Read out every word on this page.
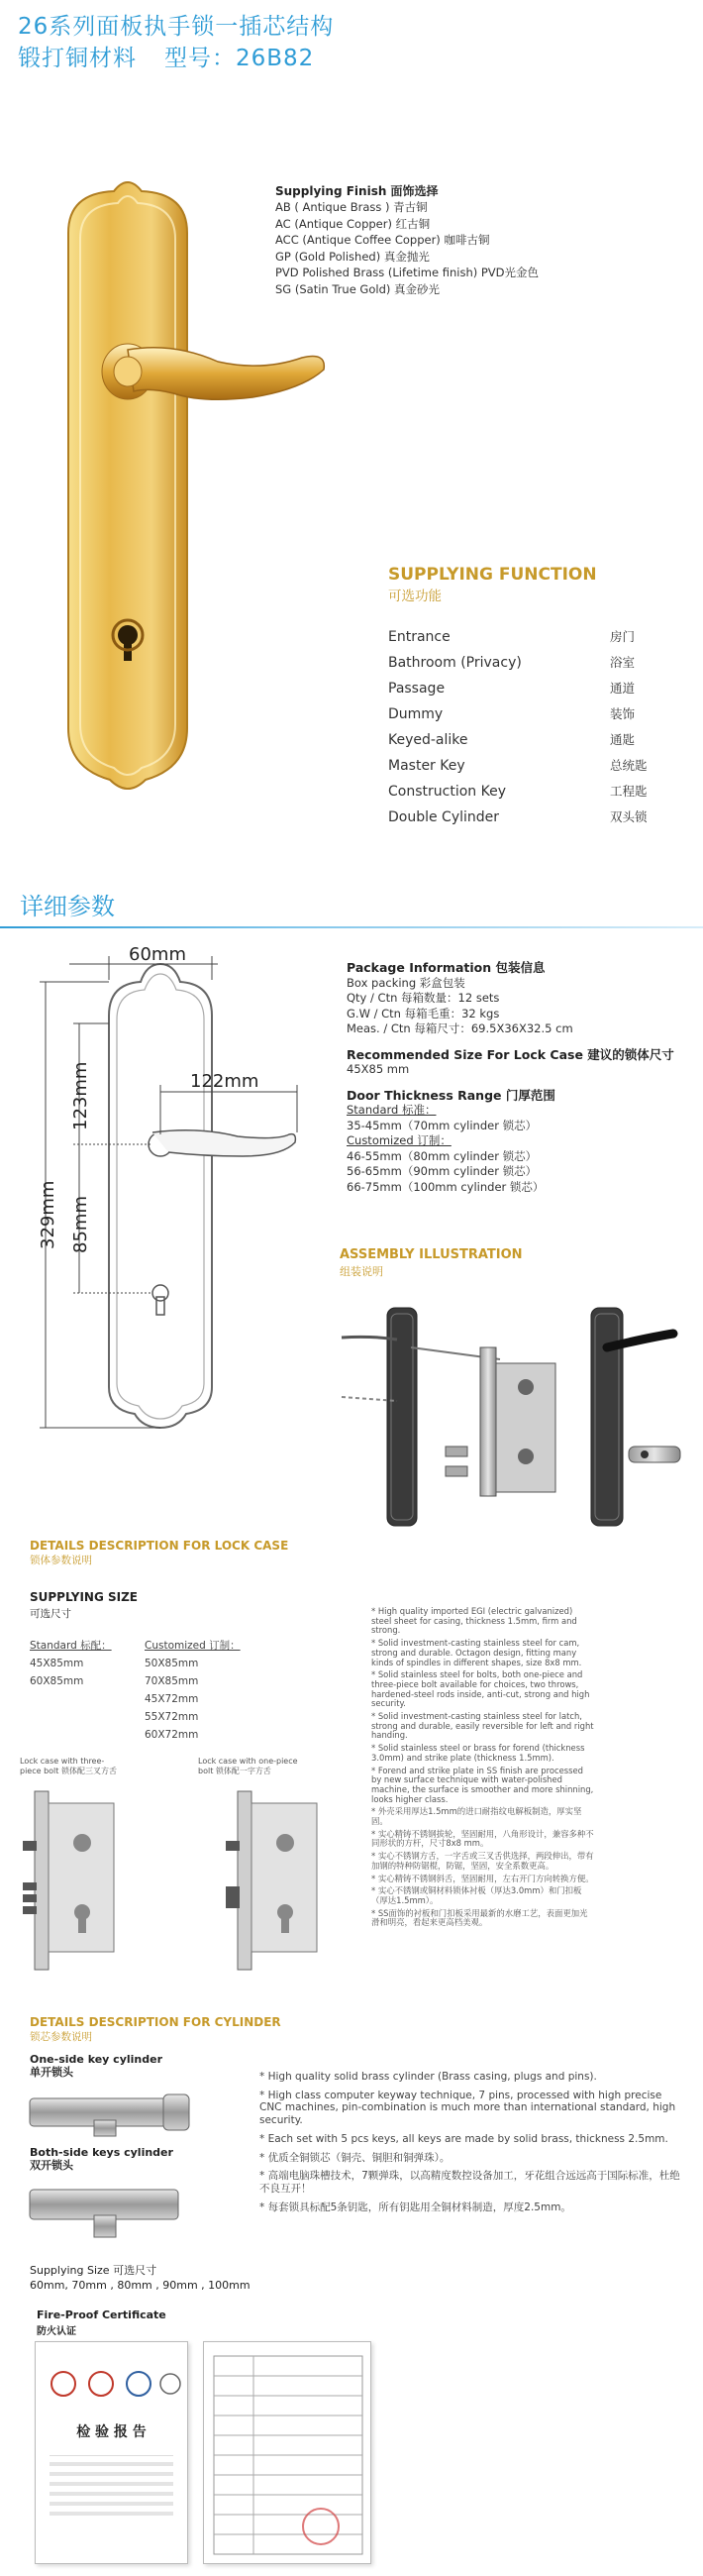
26系列面板执手锁一插芯结构
锻打铜材料 型号：26B82
Supplying Finish 面饰选择
AB ( Antique Brass ) 青古铜
AC (Antique Copper) 红古铜
ACC (Antique Coffee Copper) 咖啡古铜
GP (Gold Polished) 真金抛光
PVD Polished Brass (Lifetime finish) PVD光金色
SG (Satin True Gold) 真金砂光
SUPPLYING FUNCTION
可选功能
Entrance	房门
Bathroom (Privacy)	浴室
Passage	通道
Dummy	装饰
Keyed-alike	通匙
Master Key	总统匙
Construction Key	工程匙
Double Cylinder	双头锁
详细参数
60mm
122mm
123mm
85mm
329mm
Package Information 包装信息
Box packing 彩盒包装
Qty / Ctn 每箱数量：12 sets
G.W / Ctn 每箱毛重：32 kgs
Meas. / Ctn 每箱尺寸：69.5X36X32.5 cm
Recommended Size For Lock Case 建议的锁体尺寸
45X85 mm
Door Thickness Range 门厚范围
Standard 标准：
35-45mm（70mm cylinder 锁芯）
Customized 订制：
46-55mm（80mm cylinder 锁芯）
56-65mm（90mm cylinder 锁芯）
66-75mm（100mm cylinder 锁芯）
ASSEMBLY ILLUSTRATION
组装说明
DETAILS DESCRIPTION FOR LOCK CASE
锁体参数说明
SUPPLYING SIZE
可选尺寸
Standard 标配：
45X85mm
60X85mm
Customized 订制：
50X85mm
70X85mm
45X72mm
55X72mm
60X72mm
Lock case with three-piece bolt 锁体配三叉方舌
Lock case with one-piece bolt 锁体配一字方舌

* High quality imported EGI (electric galvanized) steel sheet for casing, thickness 1.5mm, firm and strong.

* Solid investment-casting stainless steel for cam, strong and durable. Octagon design, fitting many kinds of spindles in different shapes, size 8x8 mm.

* Solid stainless steel for bolts, both one-piece and three-piece bolt available for choices, two throws, hardened-steel rods inside, anti-cut, strong and high security.

* Solid investment-casting stainless steel for latch, strong and durable, easily reversible for left and right handing.

* Solid stainless steel or brass for forend (thickness 3.0mm) and strike plate (thickness 1.5mm).

* Forend and strike plate in SS finish are processed by new surface technique with water-polished machine, the surface is smoother and more shinning, looks higher class.

* 外壳采用厚达1.5mm的进口耐指纹电解板制造，厚实坚固。

* 实心精铸不锈钢拔轮，坚固耐用，八角形设计，兼容多种不同形状的方杆，尺寸8x8 mm。

* 实心不锈钢方舌，一字舌或三叉舌供选择，两段伸出，带有加钢的特种防锯棍，防锯，坚固，安全系数更高。

* 实心精铸不锈钢斜舌，坚固耐用，左右开门方向转换方便。

* 实心不锈钢或铜材料锁体衬板（厚达3.0mm）和门扣板（厚达1.5mm）。

* SS面饰的衬板和门扣板采用最新的水磨工艺，表面更加光滑和明亮，看起来更高档美观。

DETAILS DESCRIPTION FOR CYLINDER
锁芯参数说明
One-side key cylinder
单开锁头
Both-side keys cylinder
双开锁头

* High quality solid brass cylinder (Brass casing, plugs and pins).

* High class computer keyway technique, 7 pins, processed with high precise CNC machines, pin-combination is much more than international standard, high security.

* Each set with 5 pcs keys, all keys are made by solid brass, thickness 2.5mm.

* 优质全铜锁芯（铜壳、铜胆和铜弹珠）。

* 高端电脑珠槽技术，7颗弹珠，以高精度数控设备加工，牙花组合远远高于国际标准，杜绝不良互开！

* 每套锁具标配5条钥匙，所有钥匙用全铜材料制造，厚度2.5mm。

Supplying Size 可选尺寸
60mm, 70mm , 80mm , 90mm , 100mm
Fire-Proof Certificate
防火认证
检 验 报 告
